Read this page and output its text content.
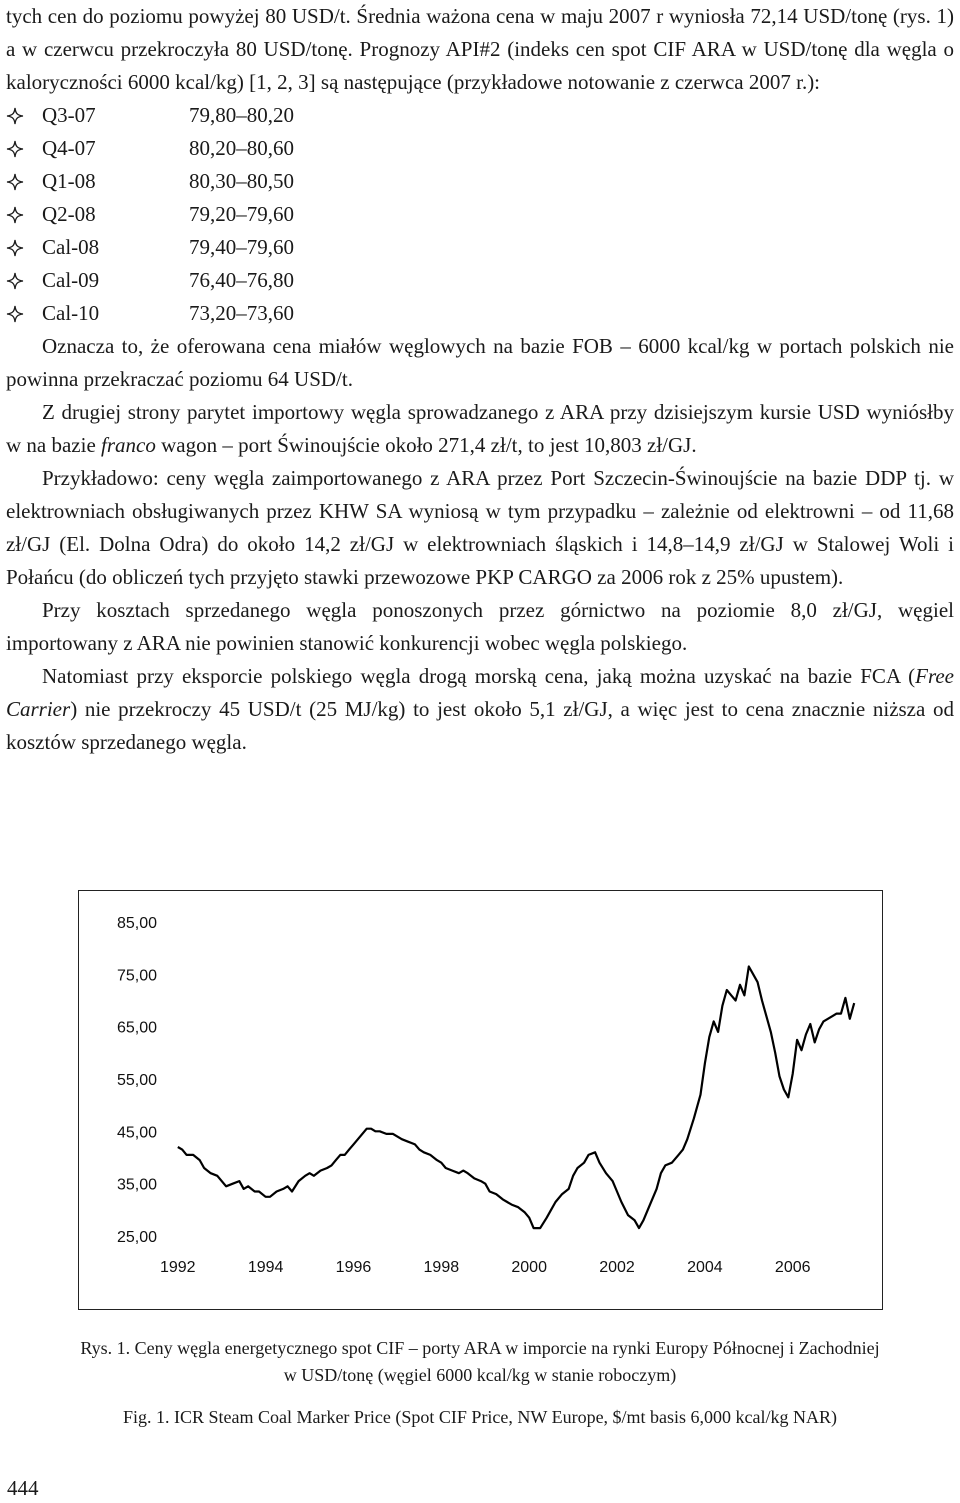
tych cen do poziomu powyżej 80 USD/t. Średnia ważona cena w maju 2007 r wyniosła 72,14 USD/tonę (rys. 1) a w czerwcu przekroczyła 80 USD/tonę. Prognozy API#2 (indeks cen spot CIF ARA w USD/tonę dla węgla o kaloryczności 6000 kcal/kg) [1, 2, 3] są następujące (przykładowe notowanie z czerwca 2007 r.):

Q3-07	79,80–80,20
Q4-07	80,20–80,60
Q1-08	80,30–80,50
Q2-08	79,20–79,60
Cal-08	79,40–79,60
Cal-09	76,40–76,80
Cal-10	73,20–73,60

Oznacza to, że oferowana cena miałów węglowych na bazie FOB – 6000 kcal/kg w portach polskich nie powinna przekraczać poziomu 64 USD/t.

Z drugiej strony parytet importowy węgla sprowadzanego z ARA przy dzisiejszym kursie USD wyniósłby w na bazie franco wagon – port Świnoujście około 271,4 zł/t, to jest 10,803 zł/GJ.

Przykładowo: ceny węgla zaimportowanego z ARA przez Port Szczecin-Świnoujście na bazie DDP tj. w elektrowniach obsługiwanych przez KHW SA wyniosą w tym przypadku – zależnie od elektrowni – od 11,68 zł/GJ (El. Dolna Odra) do około 14,2 zł/GJ w elektrowniach śląskich i 14,8–14,9 zł/GJ w Stalowej Woli i Połańcu (do obliczeń tych przyjęto stawki przewozowe PKP CARGO za 2006 rok z 25% upustem).

Przy kosztach sprzedanego węgla ponoszonych przez górnictwo na poziomie 8,0 zł/GJ, węgiel importowany z ARA nie powinien stanowić konkurencji wobec węgla polskiego.

Natomiast przy eksporcie polskiego węgla drogą morską cena, jaką można uzyskać na bazie FCA (Free Carrier) nie przekroczy 45 USD/t (25 MJ/kg) to jest około 5,1 zł/GJ, a więc jest to cena znacznie niższa od kosztów sprzedanego węgla.

85,00
75,00
65,00
55,00
45,00
35,00
25,00
1992	1994	1996	1998	2000	2002	2004	2006
Rys. 1. Ceny węgla energetycznego spot CIF – porty ARA w imporcie na rynki Europy Północnej i Zachodniej
w USD/tonę (węgiel 6000 kcal/kg w stanie roboczym)
Fig. 1. ICR Steam Coal Marker Price (Spot CIF Price, NW Europe, $/mt basis 6,000 kcal/kg NAR)
444
